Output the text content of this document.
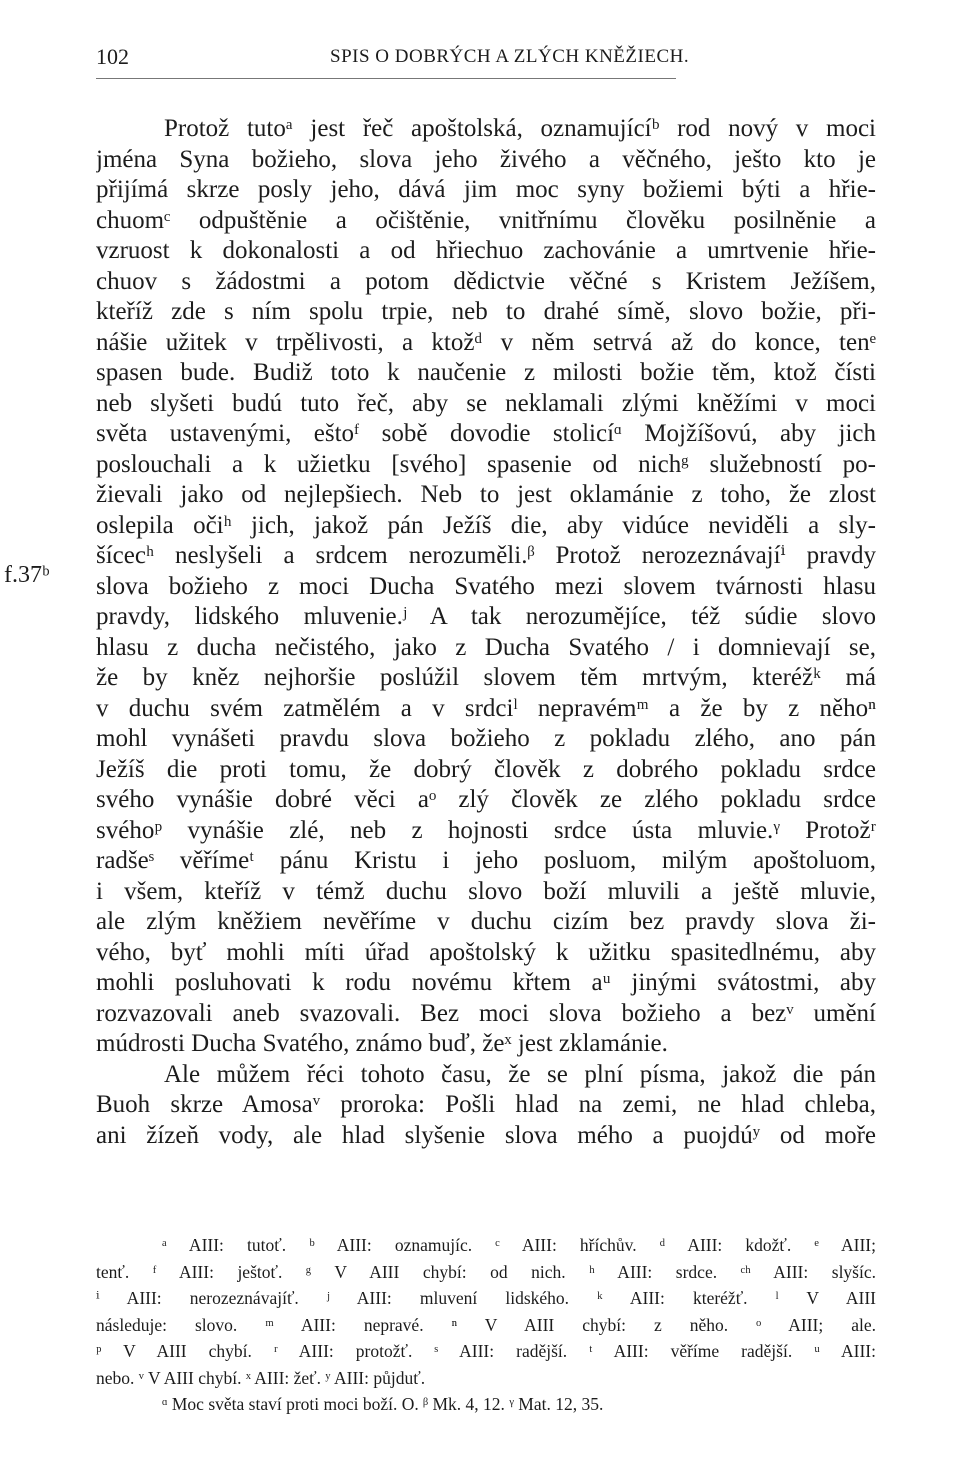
102	SPIS O DOBRÝCH A ZLÝCH KNĚŽIECH.
f.37ᵇ
Protož tutoᵃ jest řeč apoštolská, oznamujícíᵇ rod nový v moci
jména Syna božieho, slova jeho živého a věčného, ješto kto je
přijímá skrze posly jeho, dává jim moc syny božiemi býti a hřie-
chuomᶜ odpuštěnie a očištěnie, vnitřnímu člověku posilněnie a
vzruost k dokonalosti a od hřiechuo zachovánie a umrtvenie hřie-
chuov s žádostmi a potom dědictvie věčné s Kristem Ježíšem,
kteříž zde s ním spolu trpie, neb to drahé símě, slovo božie, při-
nášie užitek v trpělivosti, a ktožᵈ v něm setrvá až do konce, tenᵉ
spasen bude. Budiž toto k naučenie z milosti božie těm, ktož čísti
neb slyšeti budú tuto řeč, aby se neklamali zlými kněžími v moci
světa ustavenými, eštoᶠ sobě dovodie stolicíᵅ Mojžíšovú, aby jich
poslouchali a k užietku [svého] spasenie od nichᵍ služebností po-
žievali jako od nejlepšiech. Neb to jest oklamánie z toho, že zlost
oslepila očiʰ jich, jakož pán Ježíš die, aby vidúce neviděli a sly-
šícecʰ neslyšeli a srdcem nerozuměli.ᵝ Protož nerozeznávajíⁱ pravdy
slova božieho z moci Ducha Svatého mezi slovem tvárnosti hlasu
pravdy, lidského mluvenie.ʲ A tak nerozumějíce, též súdie slovo
hlasu z ducha nečistého, jako z Ducha Svatého / i domnievají se,
že by kněz nejhoršie poslúžil slovem těm mrtvým, kteréžᵏ má
v duchu svém zatmělém a v srdciˡ nepravémᵐ a že by z něhoⁿ
mohl vynášeti pravdu slova božieho z pokladu zlého, ano pán
Ježíš die proti tomu, že dobrý člověk z dobrého pokladu srdce
svého vynášie dobré věci aᵒ zlý člověk ze zlého pokladu srdce
svéhoᵖ vynášie zlé, neb z hojnosti srdce ústa mluvie.ᵞ Protožʳ
radšeˢ věřímeᵗ pánu Kristu i jeho posluom, milým apoštoluom,
i všem, kteříž v témž duchu slovo boží mluvili a ještě mluvie,
ale zlým kněžiem nevěříme v duchu cizím bez pravdy slova ži-
vého, byť mohli míti úřad apoštolský k užitku spasitedlnému, aby
mohli posluhovati k rodu novému křtem aᵘ jinými svátostmi, aby
rozvazovali aneb svazovali. Bez moci slova božieho a bezᵛ umění
múdrosti Ducha Svatého, známo buď, žeˣ jest zklamánie.
Ale můžem řéci tohoto času, že se plní písma, jakož die pán
Buoh skrze Amosaᵛ proroka: Pošli hlad na zemi, ne hlad chleba,
ani žízeň vody, ale hlad slyšenie slova mého a puojdúʸ od moře
ᵃ AIII: tutoť. ᵇ AIII: oznamujíc. ᶜ AIII: hříchův. ᵈ AIII: kdožť. ᵉ AIII;
tenť. ᶠ AIII: ještoť. ᵍ V AIII chybí: od nich. ʰ AIII: srdce. ᶜʰ AIII: slyšíc.
ⁱ AIII: nerozeznávajíť. ʲ AIII: mluvení lidského. ᵏ AIII: kteréžť. ˡ V AIII
následuje: slovo. ᵐ AIII: nepravé. ⁿ V AIII chybí: z něho. ᵒ AIII; ale.
ᵖ V AIII chybí. ʳ AIII: protožť. ˢ AIII: radější. ᵗ AIII: věříme radější. ᵘ AIII:
nebo. ᵛ V AIII chybí. ˣ AIII: žeť. ʸ AIII: půjduť.
ᵅ Moc světa staví proti moci boží. O. ᵝ Mk. 4, 12. ᵞ Mat. 12, 35.
